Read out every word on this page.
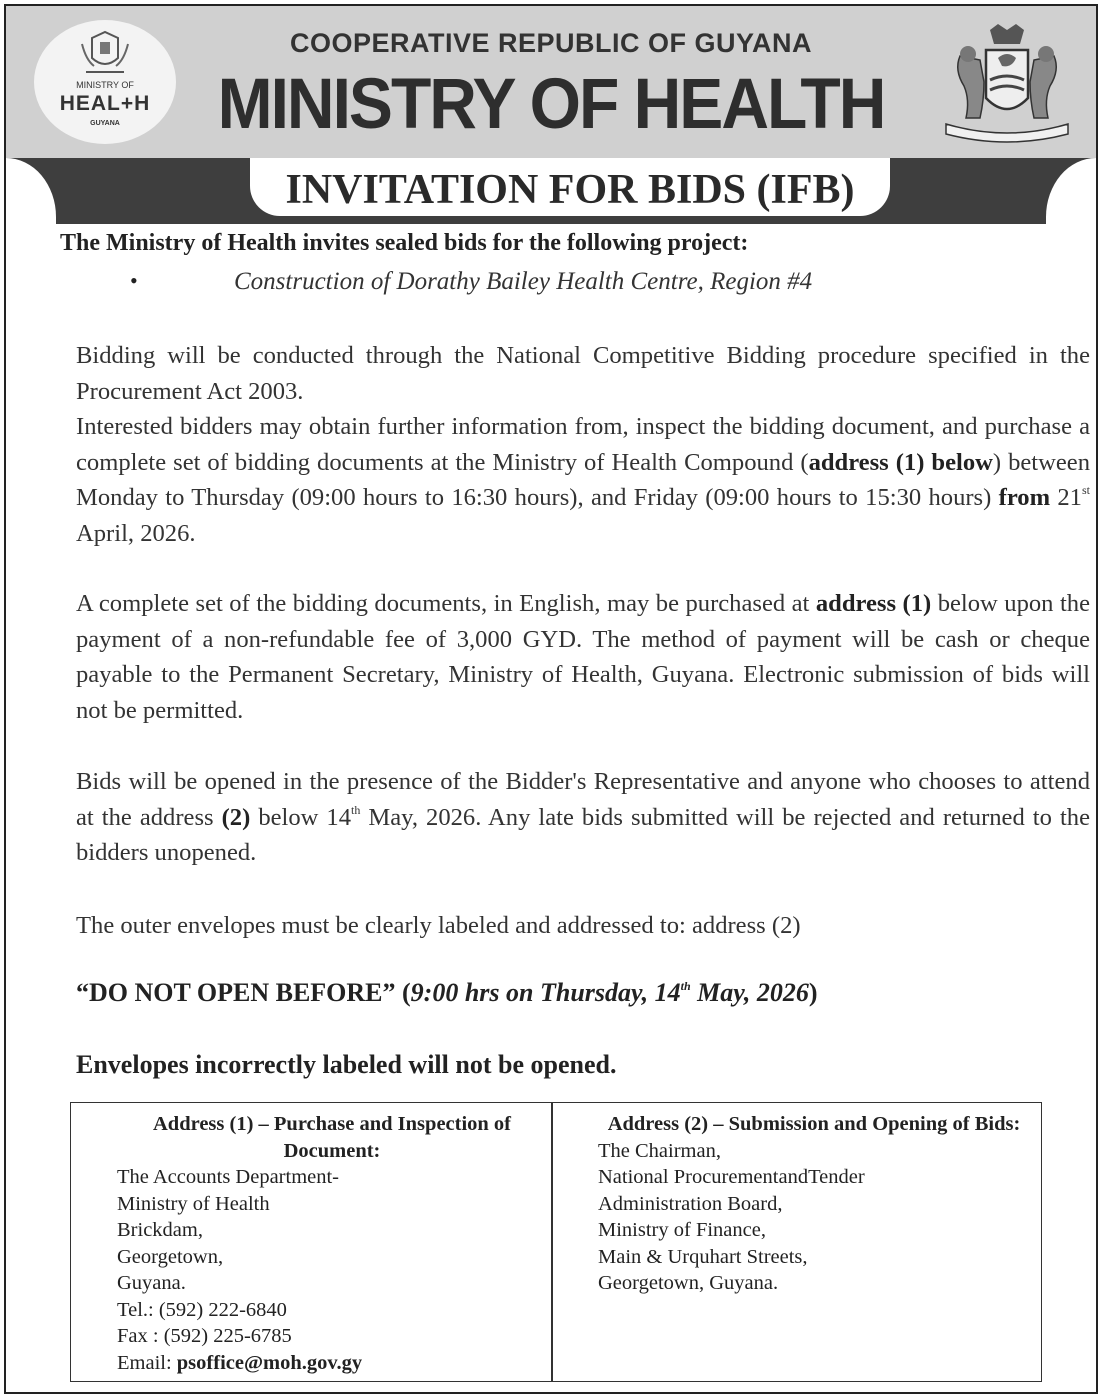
MINISTRY OF
HEAL+H
GUYANA
COOPERATIVE REPUBLIC OF GUYANA
MINISTRY OF HEALTH
INVITATION FOR BIDS (IFB)
The Ministry of Health invites sealed bids for the following project:
•	Construction of Dorathy Bailey Health Centre, Region #4
Bidding will be conducted through the National Competitive Bidding procedure specified in the Procurement Act 2003.
Interested bidders may obtain further information from, inspect the bidding document, and purchase a complete set of bidding documents at the Ministry of Health Compound (address (1) below) between Monday to Thursday (09:00 hours to 16:30 hours), and Friday (09:00 hours to 15:30 hours) from 21st April, 2026.
A complete set of the bidding documents, in English, may be purchased at address (1) below upon the payment of a non-refundable fee of 3,000 GYD. The method of payment will be cash or cheque payable to the Permanent Secretary, Ministry of Health, Guyana. Electronic submission of bids will not be permitted.
Bids will be opened in the presence of the Bidder's Representative and anyone who chooses to attend at the address (2) below 14th May, 2026. Any late bids submitted will be rejected and returned to the bidders unopened.
The outer envelopes must be clearly labeled and addressed to: address (2)
“DO NOT OPEN BEFORE” (9:00 hrs on Thursday, 14th May, 2026)
Envelopes incorrectly labeled will not be opened.
Address (1) – Purchase and Inspection of Document:
The Accounts Department-
Ministry of Health
Brickdam,
Georgetown,
Guyana.
Tel.: (592) 222-6840
Fax : (592) 225-6785
Email: psoffice@moh.gov.gy
Address (2) – Submission and Opening of Bids:
The Chairman,
National ProcurementandTender
Administration Board,
Ministry of Finance,
Main & Urquhart Streets,
Georgetown, Guyana.
